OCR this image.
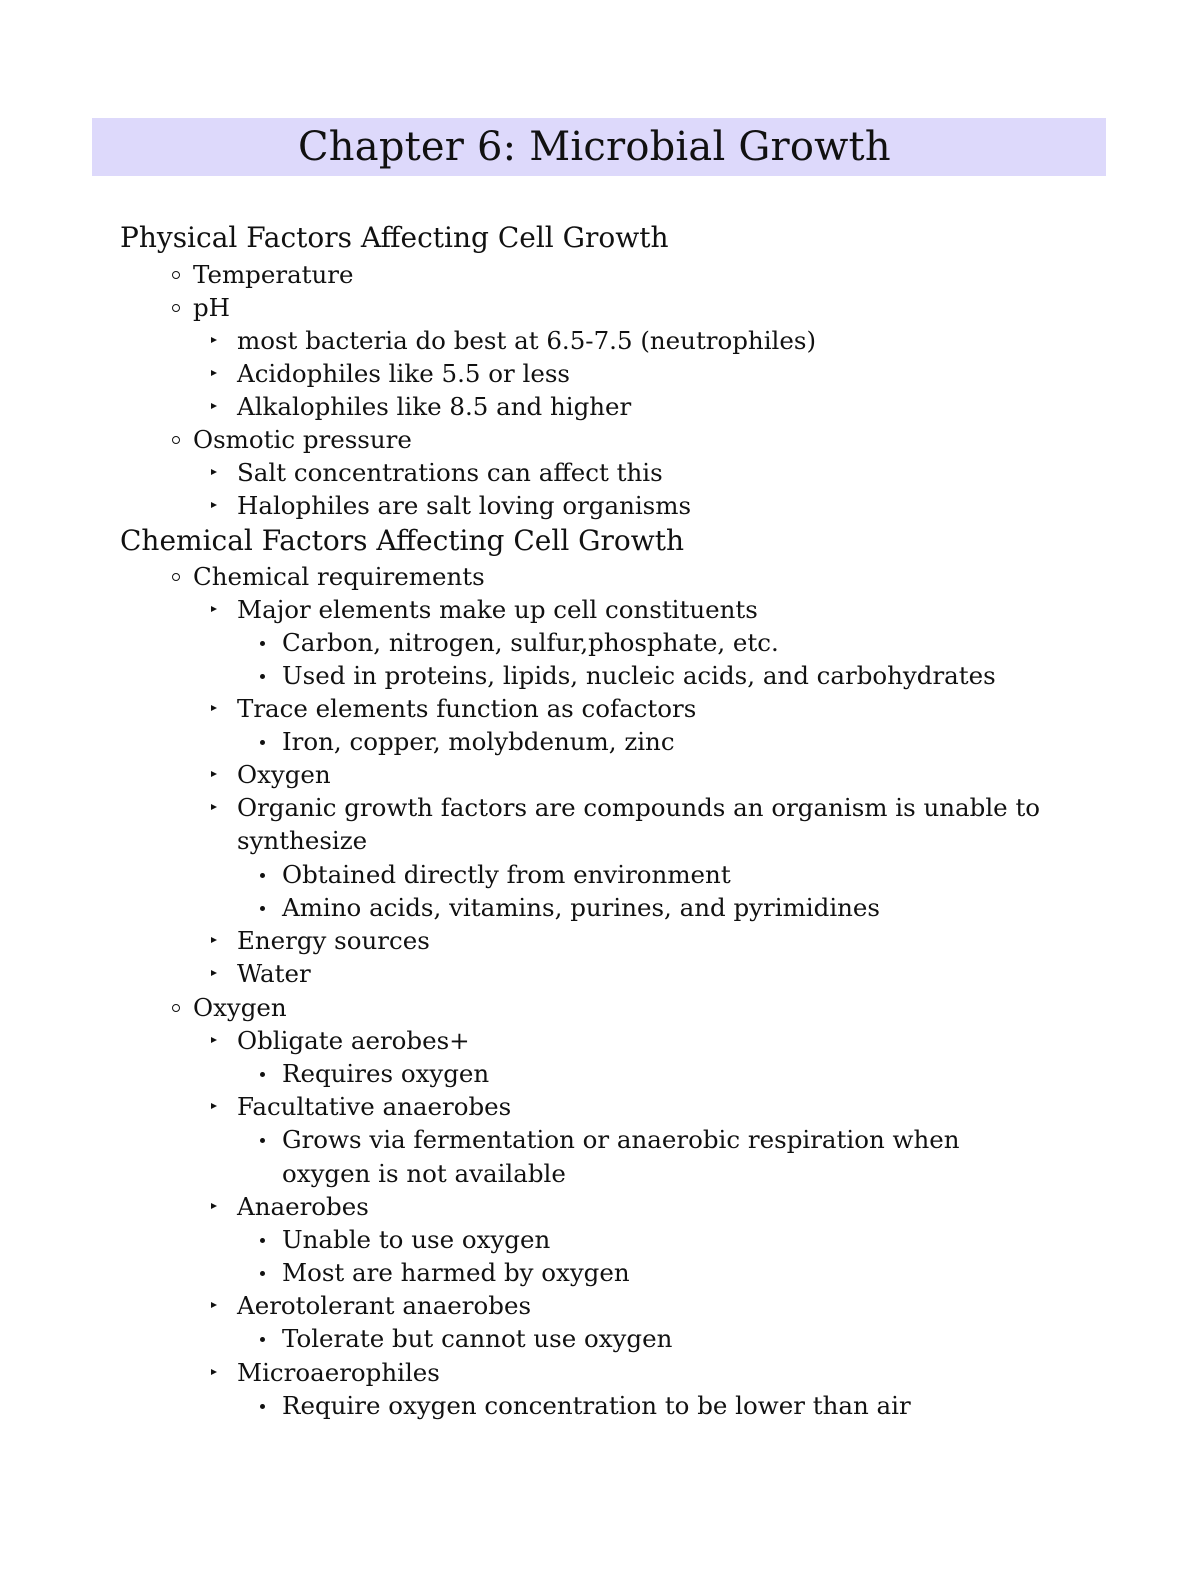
Chapter 6: Microbial Growth
Physical Factors Affecting Cell Growth
Temperature
pH
most bacteria do best at 6.5-7.5 (neutrophiles)
Acidophiles like 5.5 or less
Alkalophiles like 8.5 and higher
Osmotic pressure
Salt concentrations can affect this
Halophiles are salt loving organisms
Chemical Factors Affecting Cell Growth
Chemical requirements
Major elements make up cell constituents
Carbon, nitrogen, sulfur,phosphate, etc.
Used in proteins, lipids, nucleic acids, and carbohydrates
Trace elements function as cofactors
Iron, copper, molybdenum, zinc
Oxygen
Organic growth factors are compounds an organism is unable to
synthesize
Obtained directly from environment
Amino acids, vitamins, purines, and pyrimidines
Energy sources
Water
Oxygen
Obligate aerobes+
Requires oxygen
Facultative anaerobes
Grows via fermentation or anaerobic respiration when
oxygen is not available
Anaerobes
Unable to use oxygen
Most are harmed by oxygen
Aerotolerant anaerobes
Tolerate but cannot use oxygen
Microaerophiles
Require oxygen concentration to be lower than air
